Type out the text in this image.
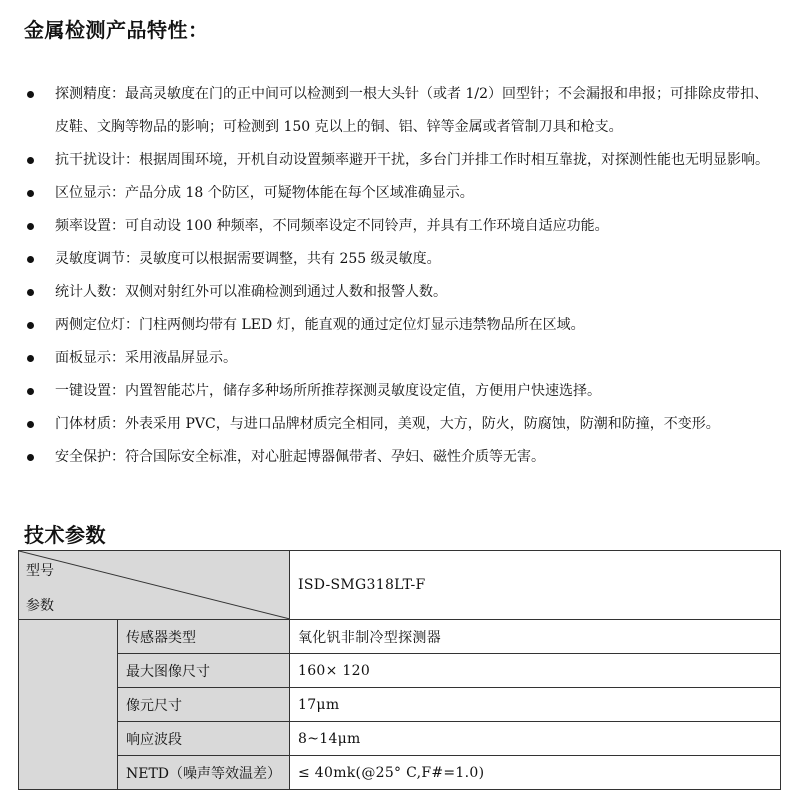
金属检测产品特性：
探测精度：最高灵敏度在门的正中间可以检测到一根大头针（或者 1/2）回型针；不会漏报和串报；可排除皮带扣、皮鞋、文胸等物品的影响；可检测到 150 克以上的铜、铝、锌等金属或者管制刀具和枪支。
抗干扰设计：根据周围环境，开机自动设置频率避开干扰，多台门并排工作时相互靠拢，对探测性能也无明显影响。
区位显示：产品分成 18 个防区，可疑物体能在每个区域准确显示。
频率设置：可自动设 100 种频率，不同频率设定不同铃声，并具有工作环境自适应功能。
灵敏度调节：灵敏度可以根据需要调整，共有 255 级灵敏度。
统计人数：双侧对射红外可以准确检测到通过人数和报警人数。
两侧定位灯：门柱两侧均带有 LED 灯，能直观的通过定位灯显示违禁物品所在区域。
面板显示：采用液晶屏显示。
一键设置：内置智能芯片，储存多种场所所推荐探测灵敏度设定值，方便用户快速选择。
门体材质：外表采用 PVC，与进口品牌材质完全相同，美观，大方，防火，防腐蚀，防潮和防撞，不变形。
安全保护：符合国际安全标准，对心脏起博器佩带者、孕妇、磁性介质等无害。
技术参数
型号
参数		ISD-SMG318LT-F
	传感器类型	氧化钒非制冷型探测器
	最大图像尺寸	160× 120
	像元尺寸	17μm
	响应波段	8~14μm
	NETD（噪声等效温差）	≤ 40mk(@25° C,F#=1.0)
